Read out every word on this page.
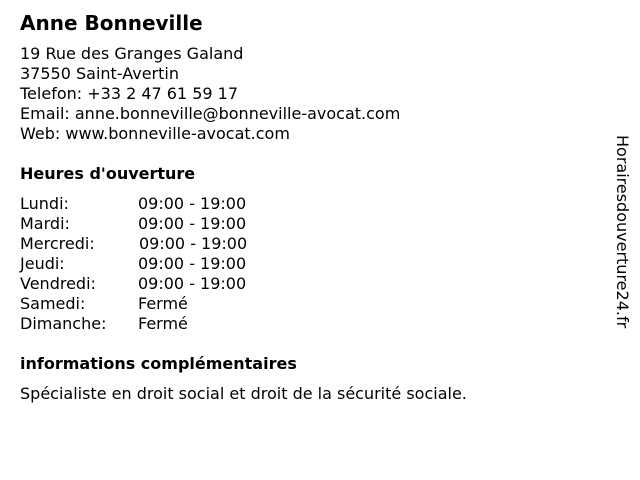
Anne Bonneville
19 Rue des Granges Galand
37550 Saint-Avertin
Telefon: +33 2 47 61 59 17
Email: anne.bonneville@bonneville-avocat.com
Web: www.bonneville-avocat.com
Heures d'ouverture
Lundi:	09:00 - 19:00
Mardi:	09:00 - 19:00
Mercredi:	09:00 - 19:00
Jeudi:	09:00 - 19:00
Vendredi:	09:00 - 19:00
Samedi:	Fermé
Dimanche: Fermé
informations complémentaires
Spécialiste en droit social et droit de la sécurité sociale.
Horairesdouverture24.fr
